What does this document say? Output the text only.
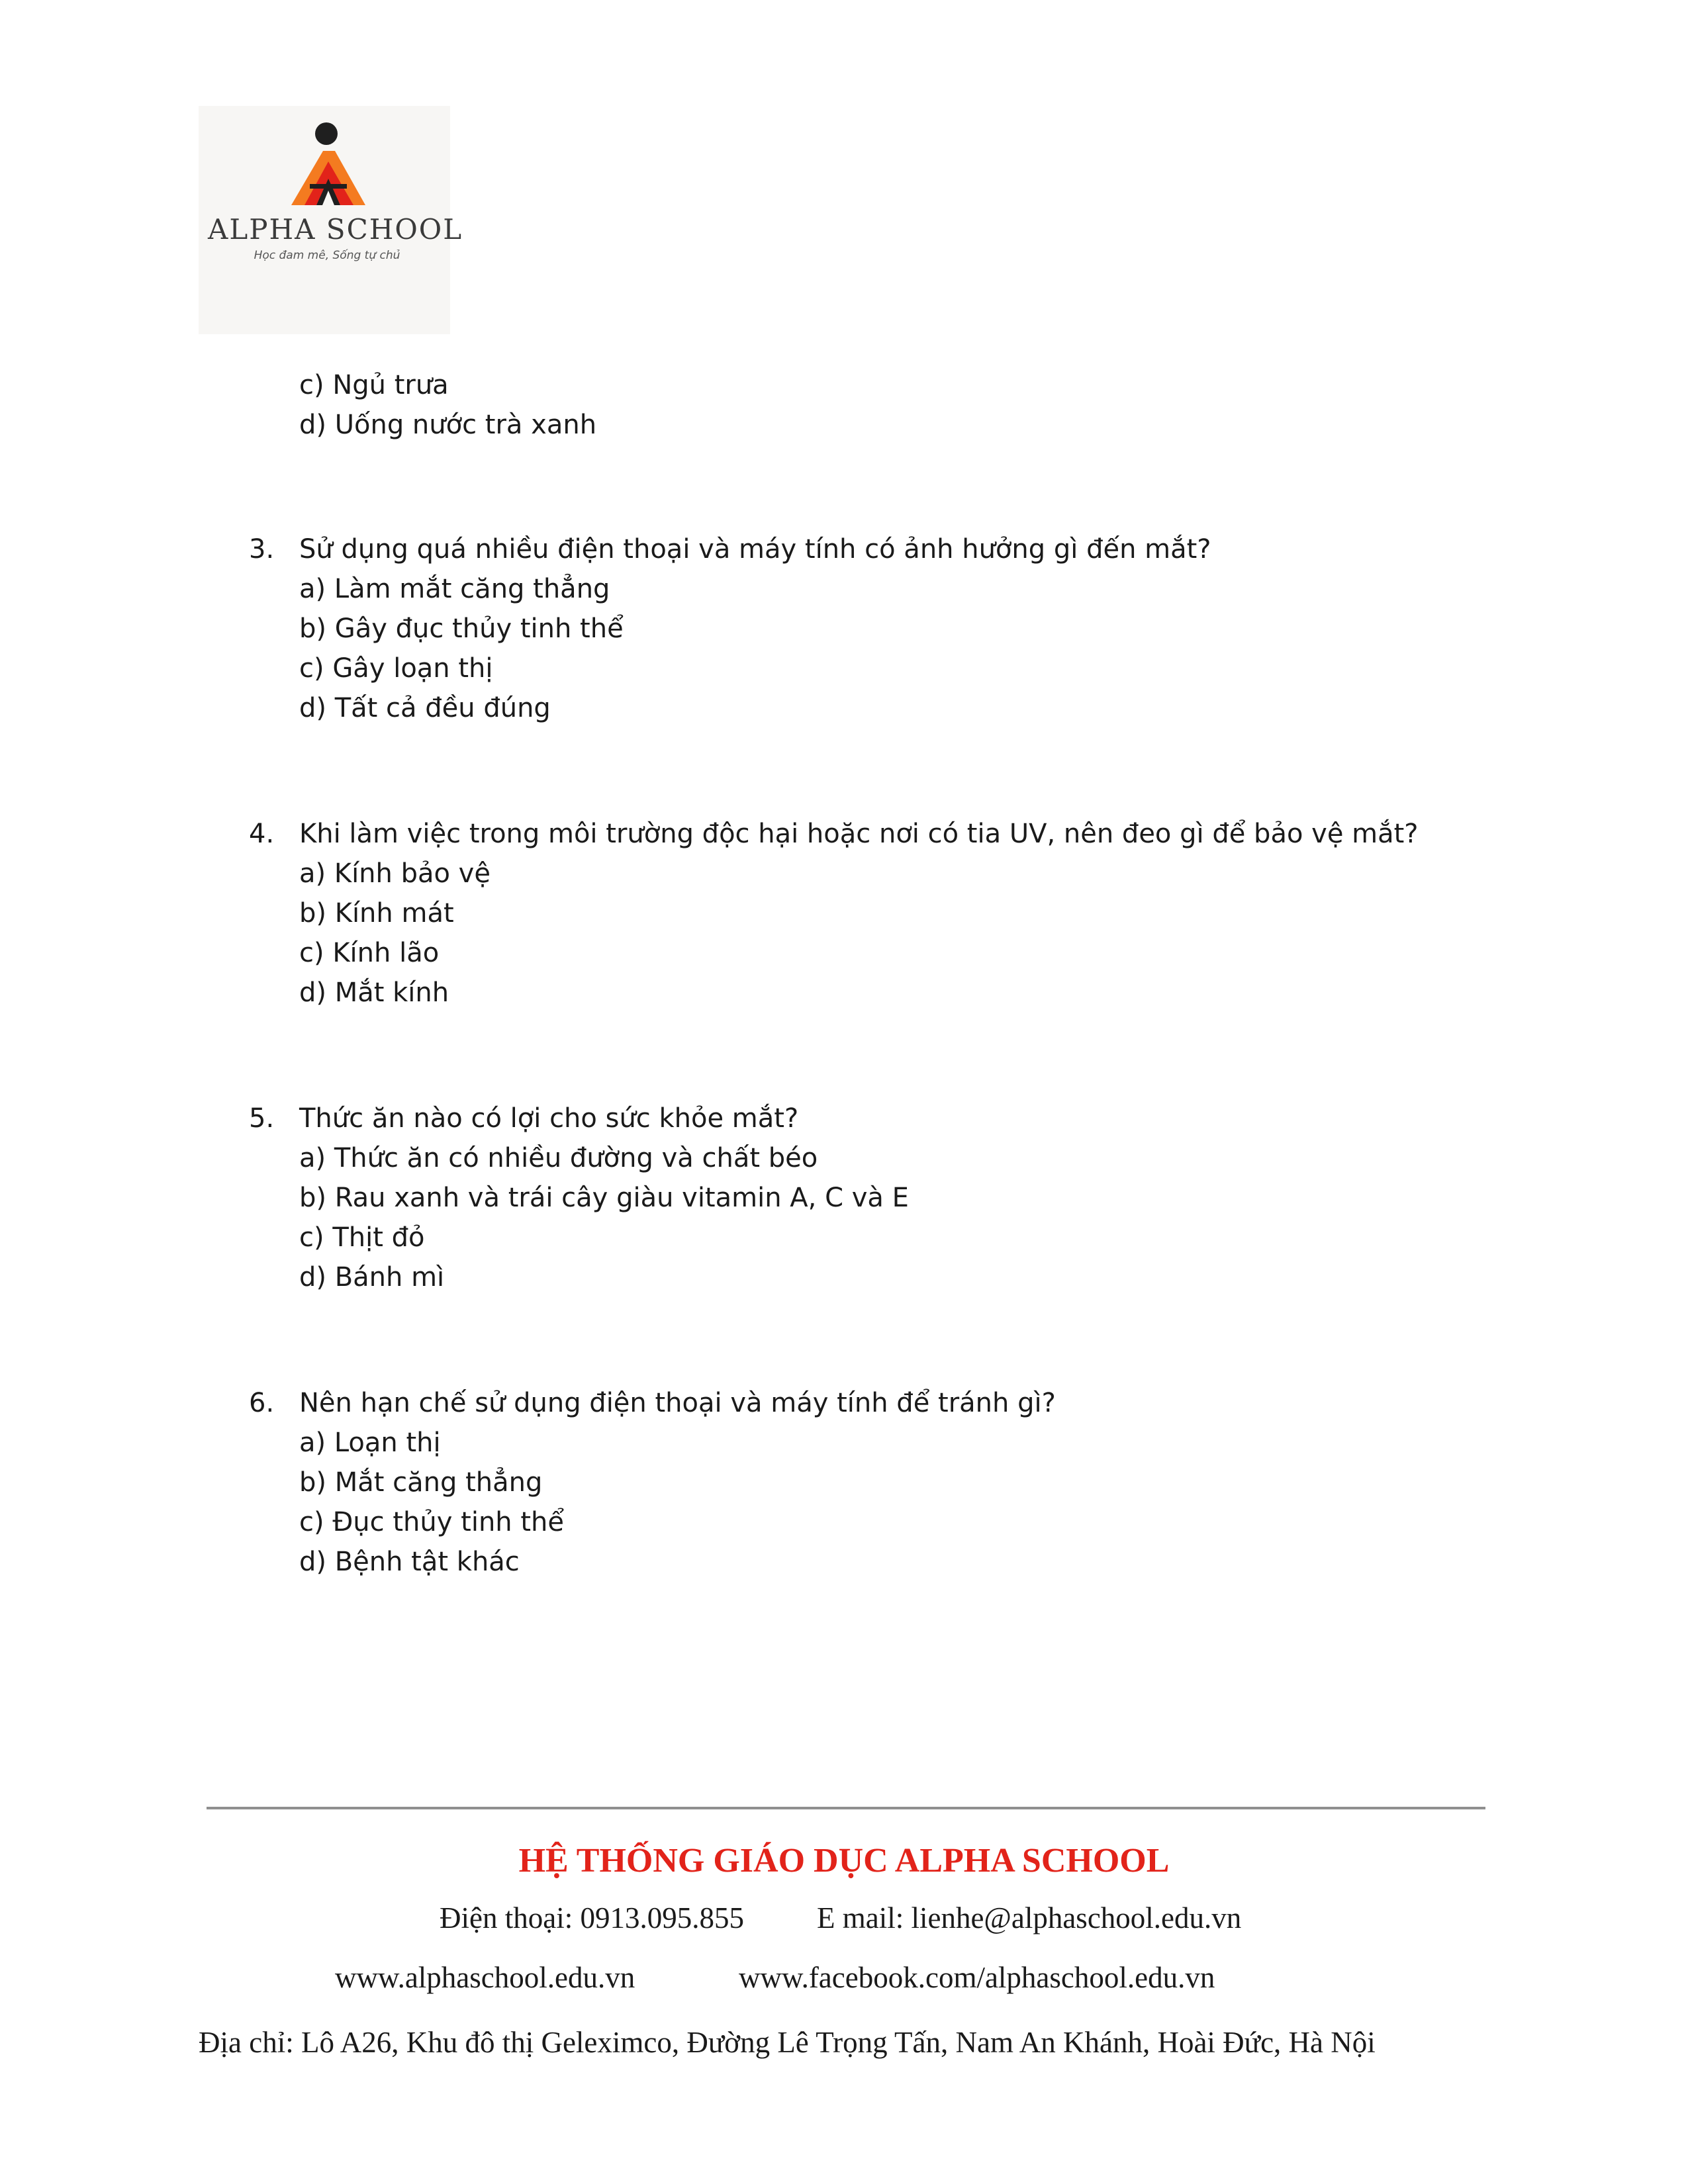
ALPHA SCHOOL
Học đam mê, Sống tự chủ
c) Ngủ trưa
d) Uống nước trà xanh
3. Sử dụng quá nhiều điện thoại và máy tính có ảnh hưởng gì đến mắt?
a) Làm mắt căng thẳng
b) Gây đục thủy tinh thể
c) Gây loạn thị
d) Tất cả đều đúng
4. Khi làm việc trong môi trường độc hại hoặc nơi có tia UV, nên đeo gì để bảo vệ mắt?
a) Kính bảo vệ
b) Kính mát
c) Kính lão
d) Mắt kính
5. Thức ăn nào có lợi cho sức khỏe mắt?
a) Thức ăn có nhiều đường và chất béo
b) Rau xanh và trái cây giàu vitamin A, C và E
c) Thịt đỏ
d) Bánh mì
6. Nên hạn chế sử dụng điện thoại và máy tính để tránh gì?
a) Loạn thị
b) Mắt căng thẳng
c) Đục thủy tinh thể
d) Bệnh tật khác
HỆ THỐNG GIÁO DỤC ALPHA SCHOOL
Điện thoại: 0913.095.855 E mail: lienhe@alphaschool.edu.vn
www.alphaschool.edu.vn	www.facebook.com/alphaschool.edu.vn
Địa chỉ: Lô A26, Khu đô thị Geleximco, Đường Lê Trọng Tấn, Nam An Khánh, Hoài Đức, Hà Nội
